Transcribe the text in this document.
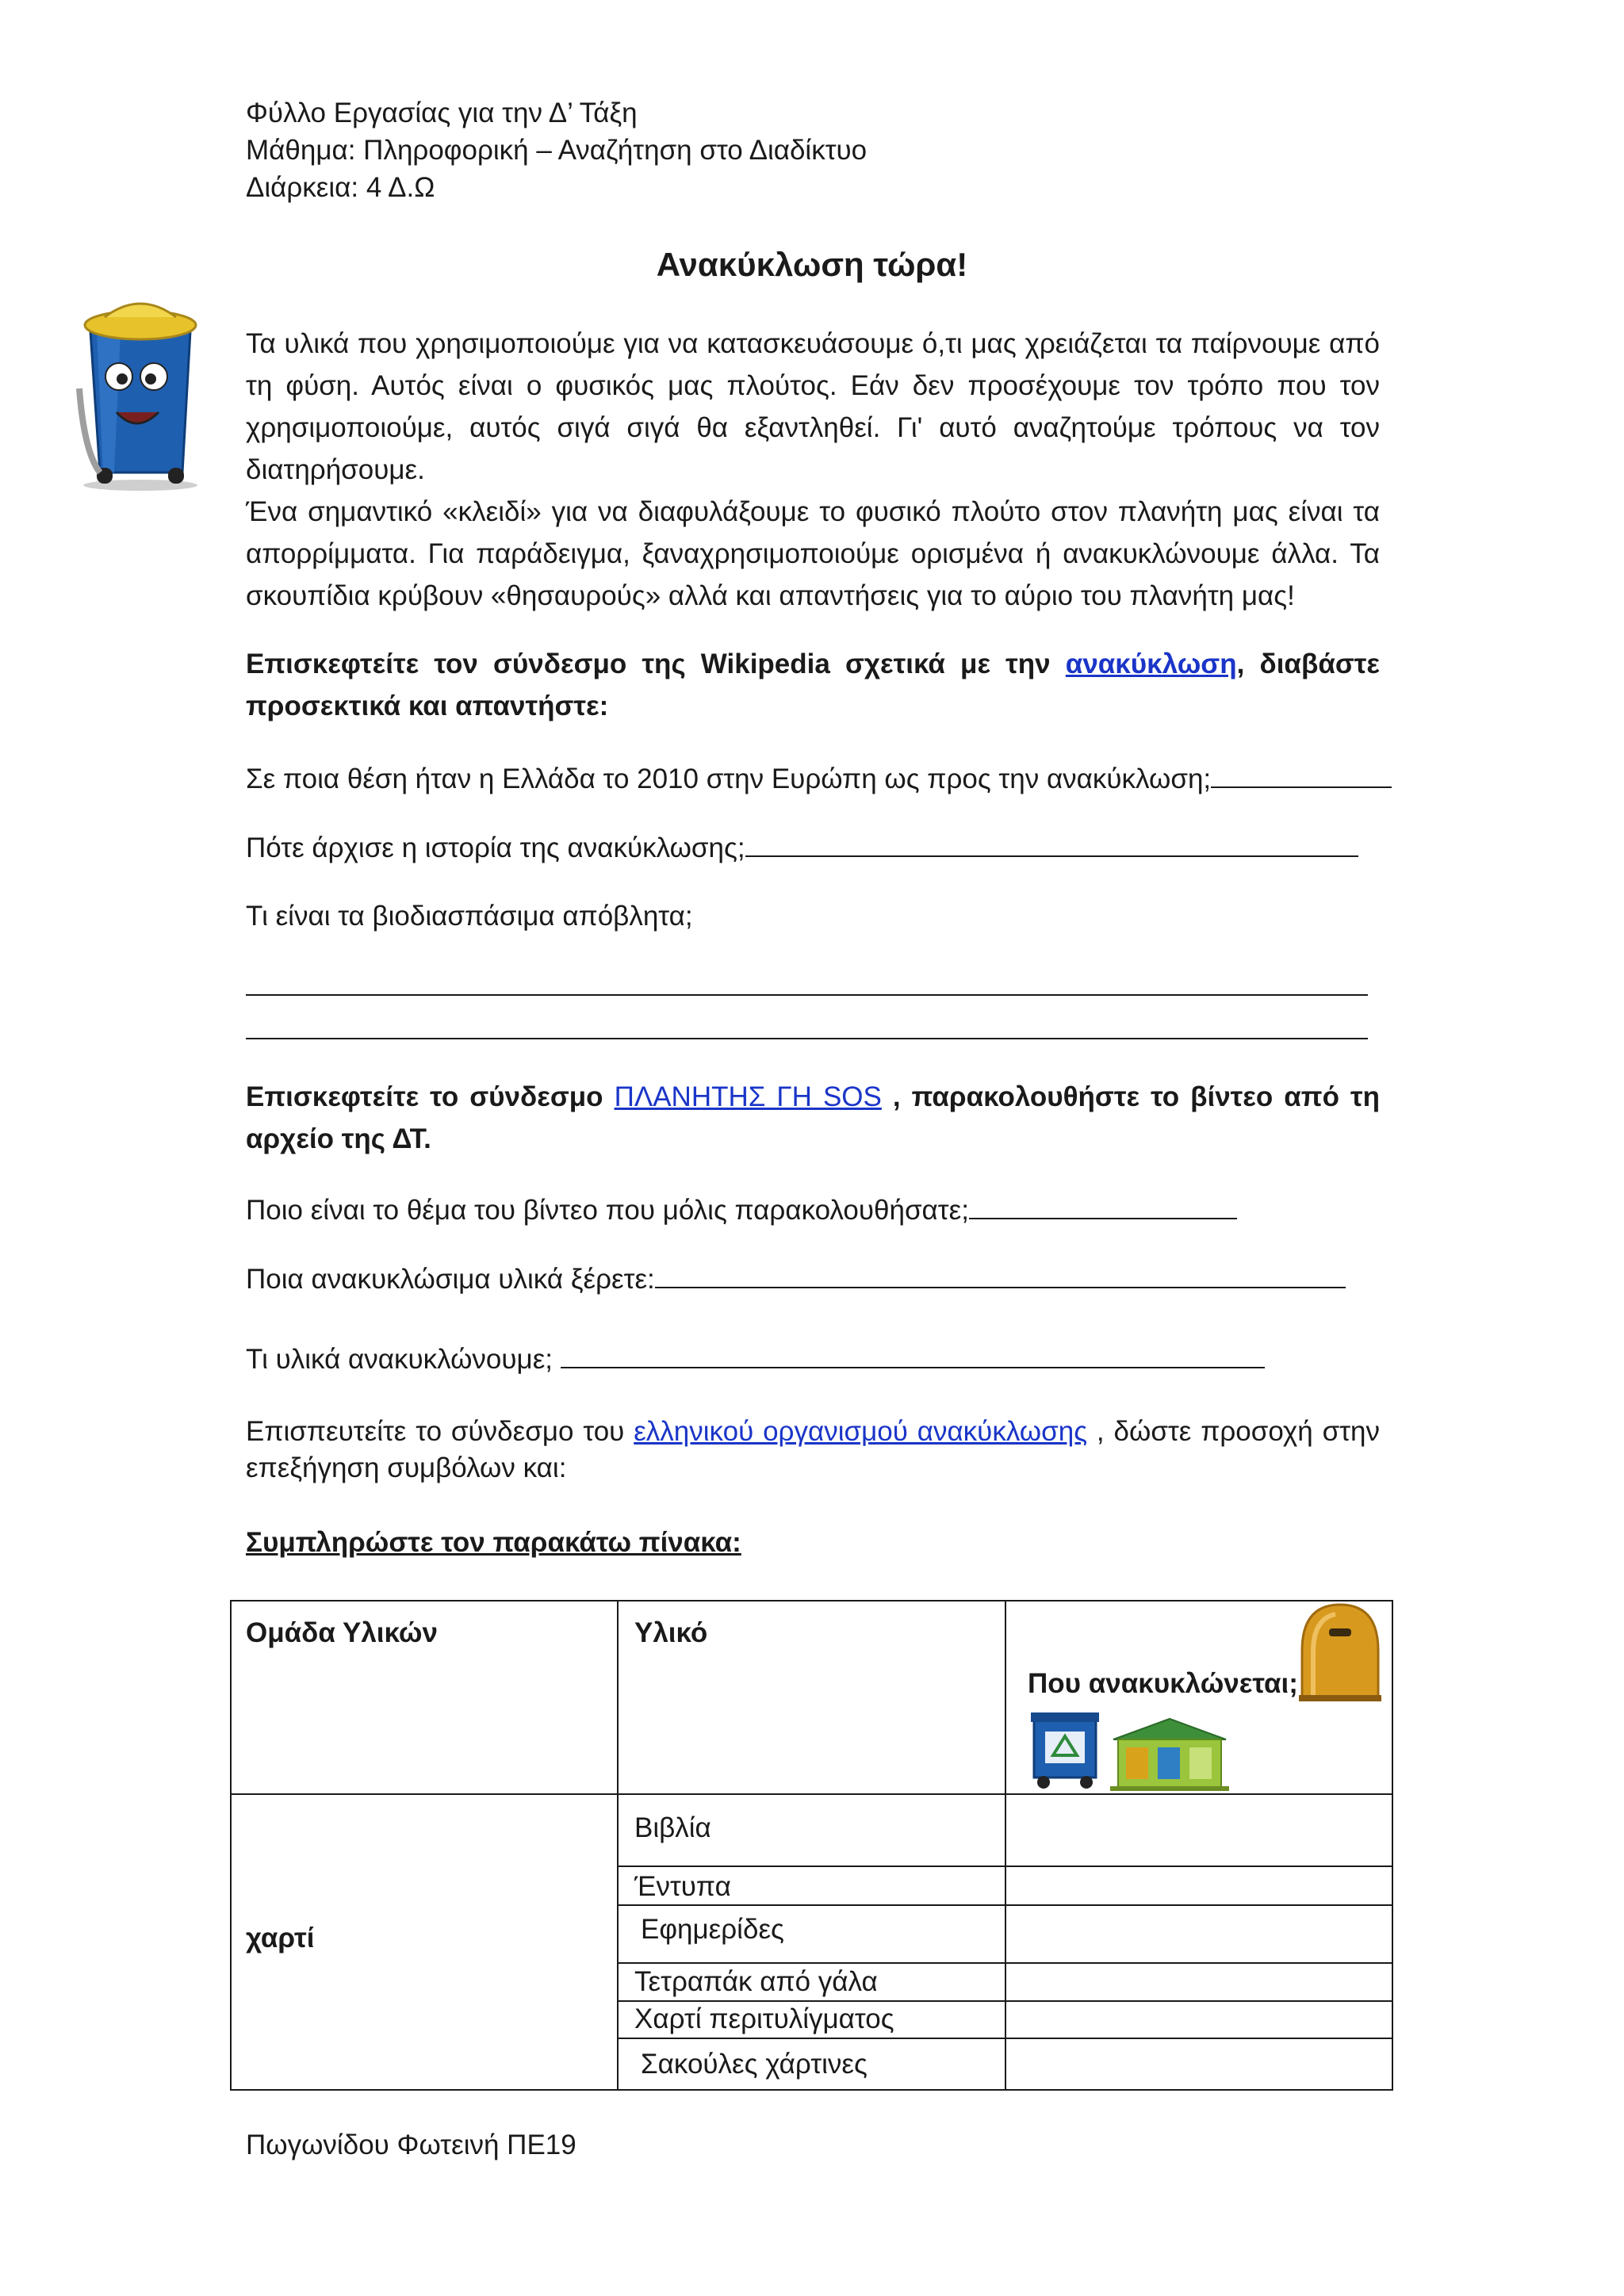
Φύλλο Εργασίας για την Δ’ Τάξη
Μάθημα: Πληροφορική – Αναζήτηση στο Διαδίκτυο
Διάρκεια: 4 Δ.Ω
Ανακύκλωση τώρα!
Τα υλικά που χρησιμοποιούμε για να κατασκευάσουμε ό,τι μας χρειάζεται τα παίρνουμε από τη φύση. Αυτός είναι ο φυσικός μας πλούτος. Εάν δεν προσέχουμε τον τρόπο που τον χρησιμοποιούμε, αυτός σιγά σιγά θα εξαντληθεί. Γι' αυτό αναζητούμε τρόπους να τον διατηρήσουμε.
Ένα σημαντικό «κλειδί» για να διαφυλάξουμε το φυσικό πλούτο στον πλανήτη μας είναι τα απορρίμματα. Για παράδειγμα, ξαναχρησιμοποιούμε ορισμένα ή ανακυκλώνουμε άλλα. Τα σκουπίδια κρύβουν «θησαυρούς» αλλά και απαντήσεις για το αύριο του πλανήτη μας!
Επισκεφτείτε τον σύνδεσμο της Wikipedia σχετικά με την ανακύκλωση, διαβάστε προσεκτικά και απαντήστε:
Σε ποια θέση ήταν η Ελλάδα το 2010 στην Ευρώπη ως προς την ανακύκλωση;
Πότε άρχισε η ιστορία της ανακύκλωσης;
Τι είναι τα βιοδιασπάσιμα απόβλητα;
Επισκεφτείτε το σύνδεσμο ΠΛΑΝΗΤΗΣ ΓΗ SOS , παρακολουθήστε το βίντεο από τη αρχείο της ΔΤ.
Ποιο είναι το θέμα του βίντεο που μόλις παρακολουθήσατε;
Ποια ανακυκλώσιμα υλικά ξέρετε:
Τι υλικά ανακυκλώνουμε;
Επισπευτείτε το σύνδεσμο του ελληνικού οργανισμού ανακύκλωσης , δώστε προσοχή στην επεξήγηση συμβόλων και:
Συμπληρώστε τον παρακάτω πίνακα:
Ομάδα Υλικών	Υλικό
Που ανακυκλώνεται;
χαρτί
Βιβλία
Έντυπα
Εφημερίδες
Τετραπάκ από γάλα
Χαρτί περιτυλίγματος
Σακούλες χάρτινες
Πωγωνίδου Φωτεινή ΠΕ19
